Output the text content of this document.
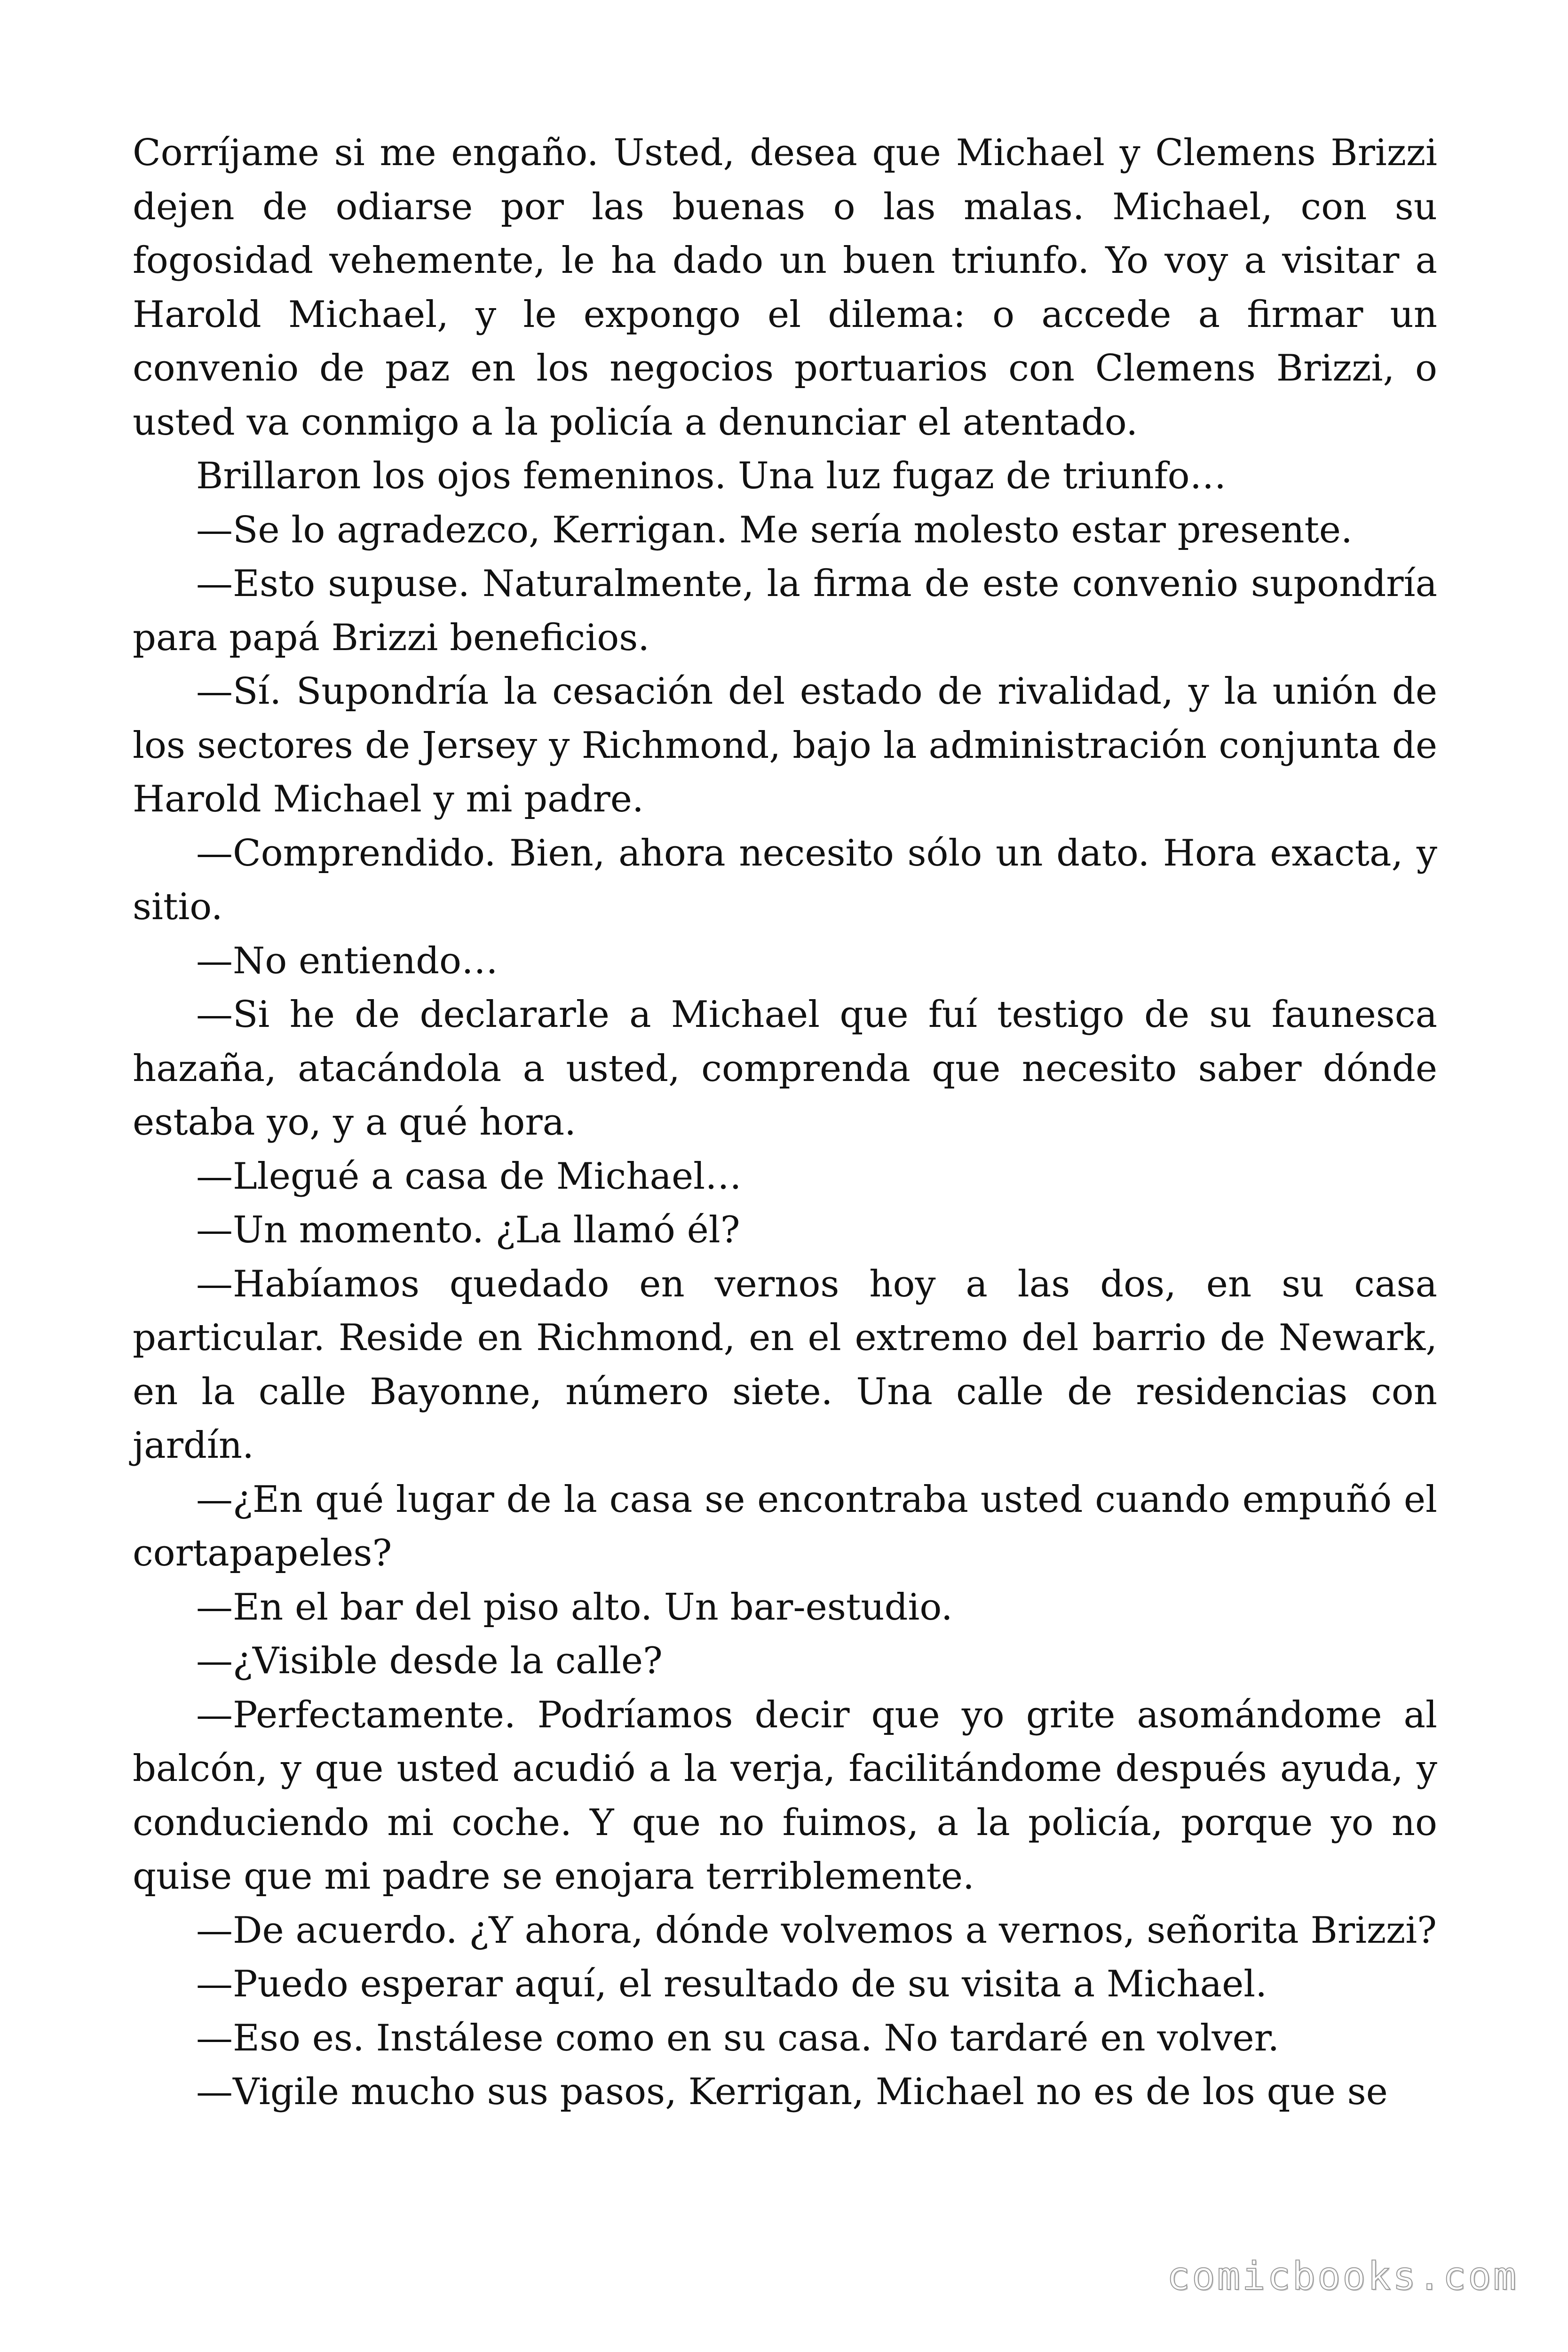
Corríjame si me engaño. Usted, desea que Michael y Clemens Brizzi dejen de odiarse por las buenas o las malas. Michael, con su fogosidad vehemente, le ha dado un buen triunfo. Yo voy a visitar a Harold Michael, y le expongo el dilema: o accede a firmar un convenio de paz en los negocios portuarios con Clemens Brizzi, o usted va conmigo a la policía a denunciar el atentado.

Brillaron los ojos femeninos. Una luz fugaz de triunfo…

—Se lo agradezco, Kerrigan. Me sería molesto estar presente.

—Esto supuse. Naturalmente, la firma de este convenio supondría para papá Brizzi beneficios.

—Sí. Supondría la cesación del estado de rivalidad, y la unión de los sectores de Jersey y Richmond, bajo la administración conjunta de Harold Michael y mi padre.

—Comprendido. Bien, ahora necesito sólo un dato. Hora exacta, y sitio.

—No entiendo…

—Si he de declararle a Michael que fuí testigo de su faunesca hazaña, atacándola a usted, comprenda que necesito saber dónde estaba yo, y a qué hora.

—Llegué a casa de Michael…

—Un momento. ¿La llamó él?

—Habíamos quedado en vernos hoy a las dos, en su casa particular. Reside en Richmond, en el extremo del barrio de Newark, en la calle Bayonne, número siete. Una calle de residencias con jardín.

—¿En qué lugar de la casa se encontraba usted cuando empuñó el cortapapeles?

—En el bar del piso alto. Un bar-estudio.

—¿Visible desde la calle?

—Perfectamente. Podríamos decir que yo grite asomándome al balcón, y que usted acudió a la verja, facilitándome después ayuda, y conduciendo mi coche. Y que no fuimos, a la policía, porque yo no quise que mi padre se enojara terriblemente.

—De acuerdo. ¿Y ahora, dónde volvemos a vernos, señorita Brizzi?

—Puedo esperar aquí, el resultado de su visita a Michael.

—Eso es. Instálese como en su casa. No tardaré en volver.

—Vigile mucho sus pasos, Kerrigan, Michael no es de los que se

comicbooks.com
